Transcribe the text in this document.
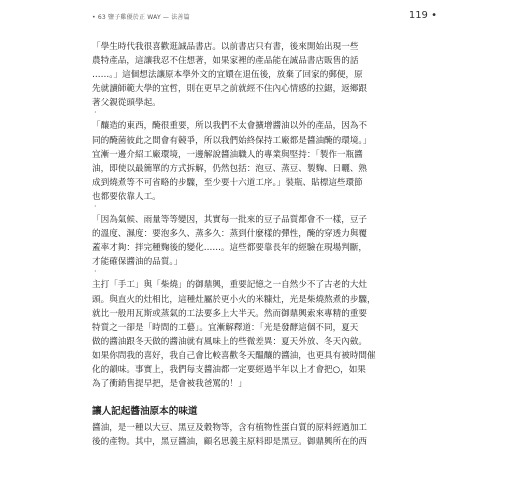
• 63 鹽子雞優於正 WAY — 法善篇	119 •

「學生時代我很喜歡逛誠品書店。以前書店只有書，後來開始出現一些
農特產品，這讓我忍不住想著，如果家裡的產品能在誠品書店販售的話
……。」這個想法讓原本學外文的宜嬛在退伍後，放棄了回家的郵便，原
先就讀師範大學的宜哲，則在更早之前就經不住內心情感的拉鋸，返鄉跟
著父親從頭學起。

·

「釀造的東西，醃很重要，所以我們不太會擴增醬油以外的產品，因為不
同的醃菌彼此之間會有競爭，所以我們始終保持工廠都是醬油醃的環境。」
宜漸一邊介紹工廠環境，一邊解說醬油職人的專業與堅持：「製作一瓶醬
油，即使以最簡單的方式拆解，仍然包括：泡豆、蒸豆、製麴、日曬、熟
成到燒煮等不可省略的步驟，至少要十六道工序。」裝瓶、貼標這些環節
也都要依靠人工。

·

「因為氣候、雨量等等變因，其實每一批來的豆子品質都會不一樣，豆子
的溫度、濕度：要泡多久、蒸多久：蒸到什麼樣的彈性，醃的穿透力與覆
蓋率才夠：拌完種麴後的變化……。這些都要靠長年的經驗在現場判斷，
才能確保醬油的品質。」

·

主打「手工」與「柴燒」的御鼎興，重要記憶之一自然少不了古老的大灶
頭。與直火的灶相比，這種灶屬於更小火的米糠灶，光是柴燒熬煮的步驟，
就比一般用瓦斯或蒸氣的工法要多上大半天。然而御鼎興索來專精的重要
特質之一卻是「時間的工藝」。宜漸解釋道：「光是發酵這個不同，夏天
做的醬油跟冬天做的醬油就有風味上的些微差異：夏天外放、冬天內斂。
如果你問我的喜好，我自己會比較喜歡冬天醞釀的醬油，也更具有被時間催
化的韻味。事實上，我們每支醬油都一定要經過半年以上才會把○，如果
為了衝銷售提早把，是會被我爸罵的！」

讓人記起醬油原本的味道

醬油，是一種以大豆、黑豆及穀物等，含有植物性蛋白質的原料經過加工
後的產物。其中，黑豆醬油，顧名思義主原料即是黑豆。御鼎興所在的西
